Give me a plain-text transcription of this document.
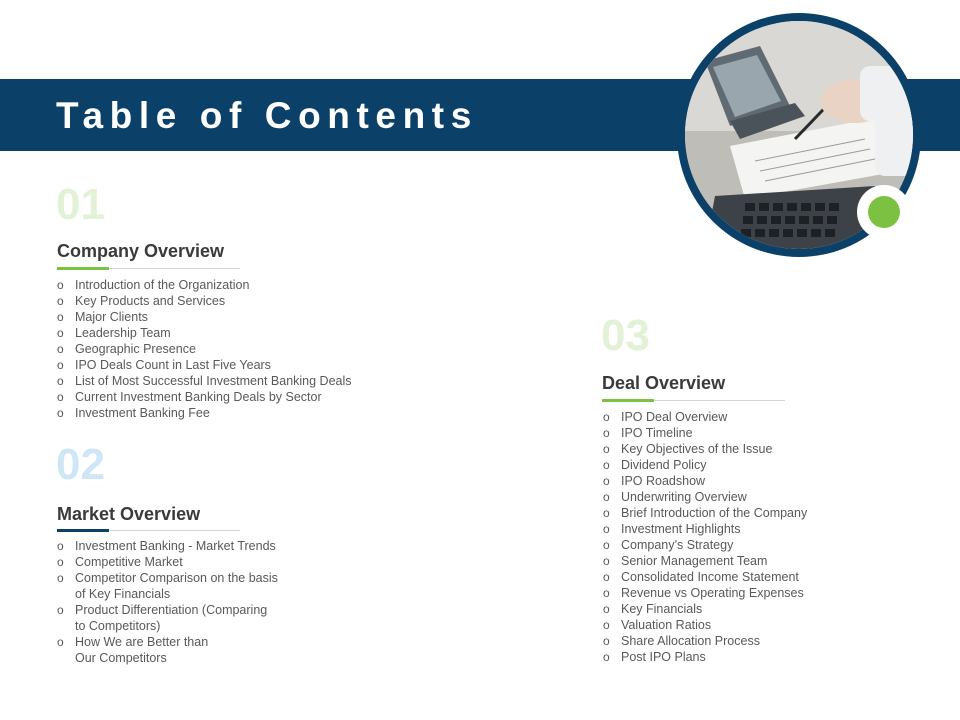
Table of Contents
01
Company Overview
o Introduction of the Organization
o Key Products and Services
o Major Clients
o Leadership Team
o Geographic Presence
o IPO Deals Count in Last Five Years
o List of Most Successful Investment Banking Deals
o Current Investment Banking Deals by Sector
o Investment Banking Fee
02
Market Overview
o Investment Banking - Market Trends
o Competitive Market
o Competitor Comparison on the basis
of Key Financials
o Product Differentiation (Comparing
to Competitors)
o How We are Better than
Our Competitors
03
Deal Overview
o IPO Deal Overview
o IPO Timeline
o Key Objectives of the Issue
o Dividend Policy
o IPO Roadshow
o Underwriting Overview
o Brief Introduction of the Company
o Investment Highlights
o Company’s Strategy
o Senior Management Team
o Consolidated Income Statement
o Revenue vs Operating Expenses
o Key Financials
o Valuation Ratios
o Share Allocation Process
o Post IPO Plans
